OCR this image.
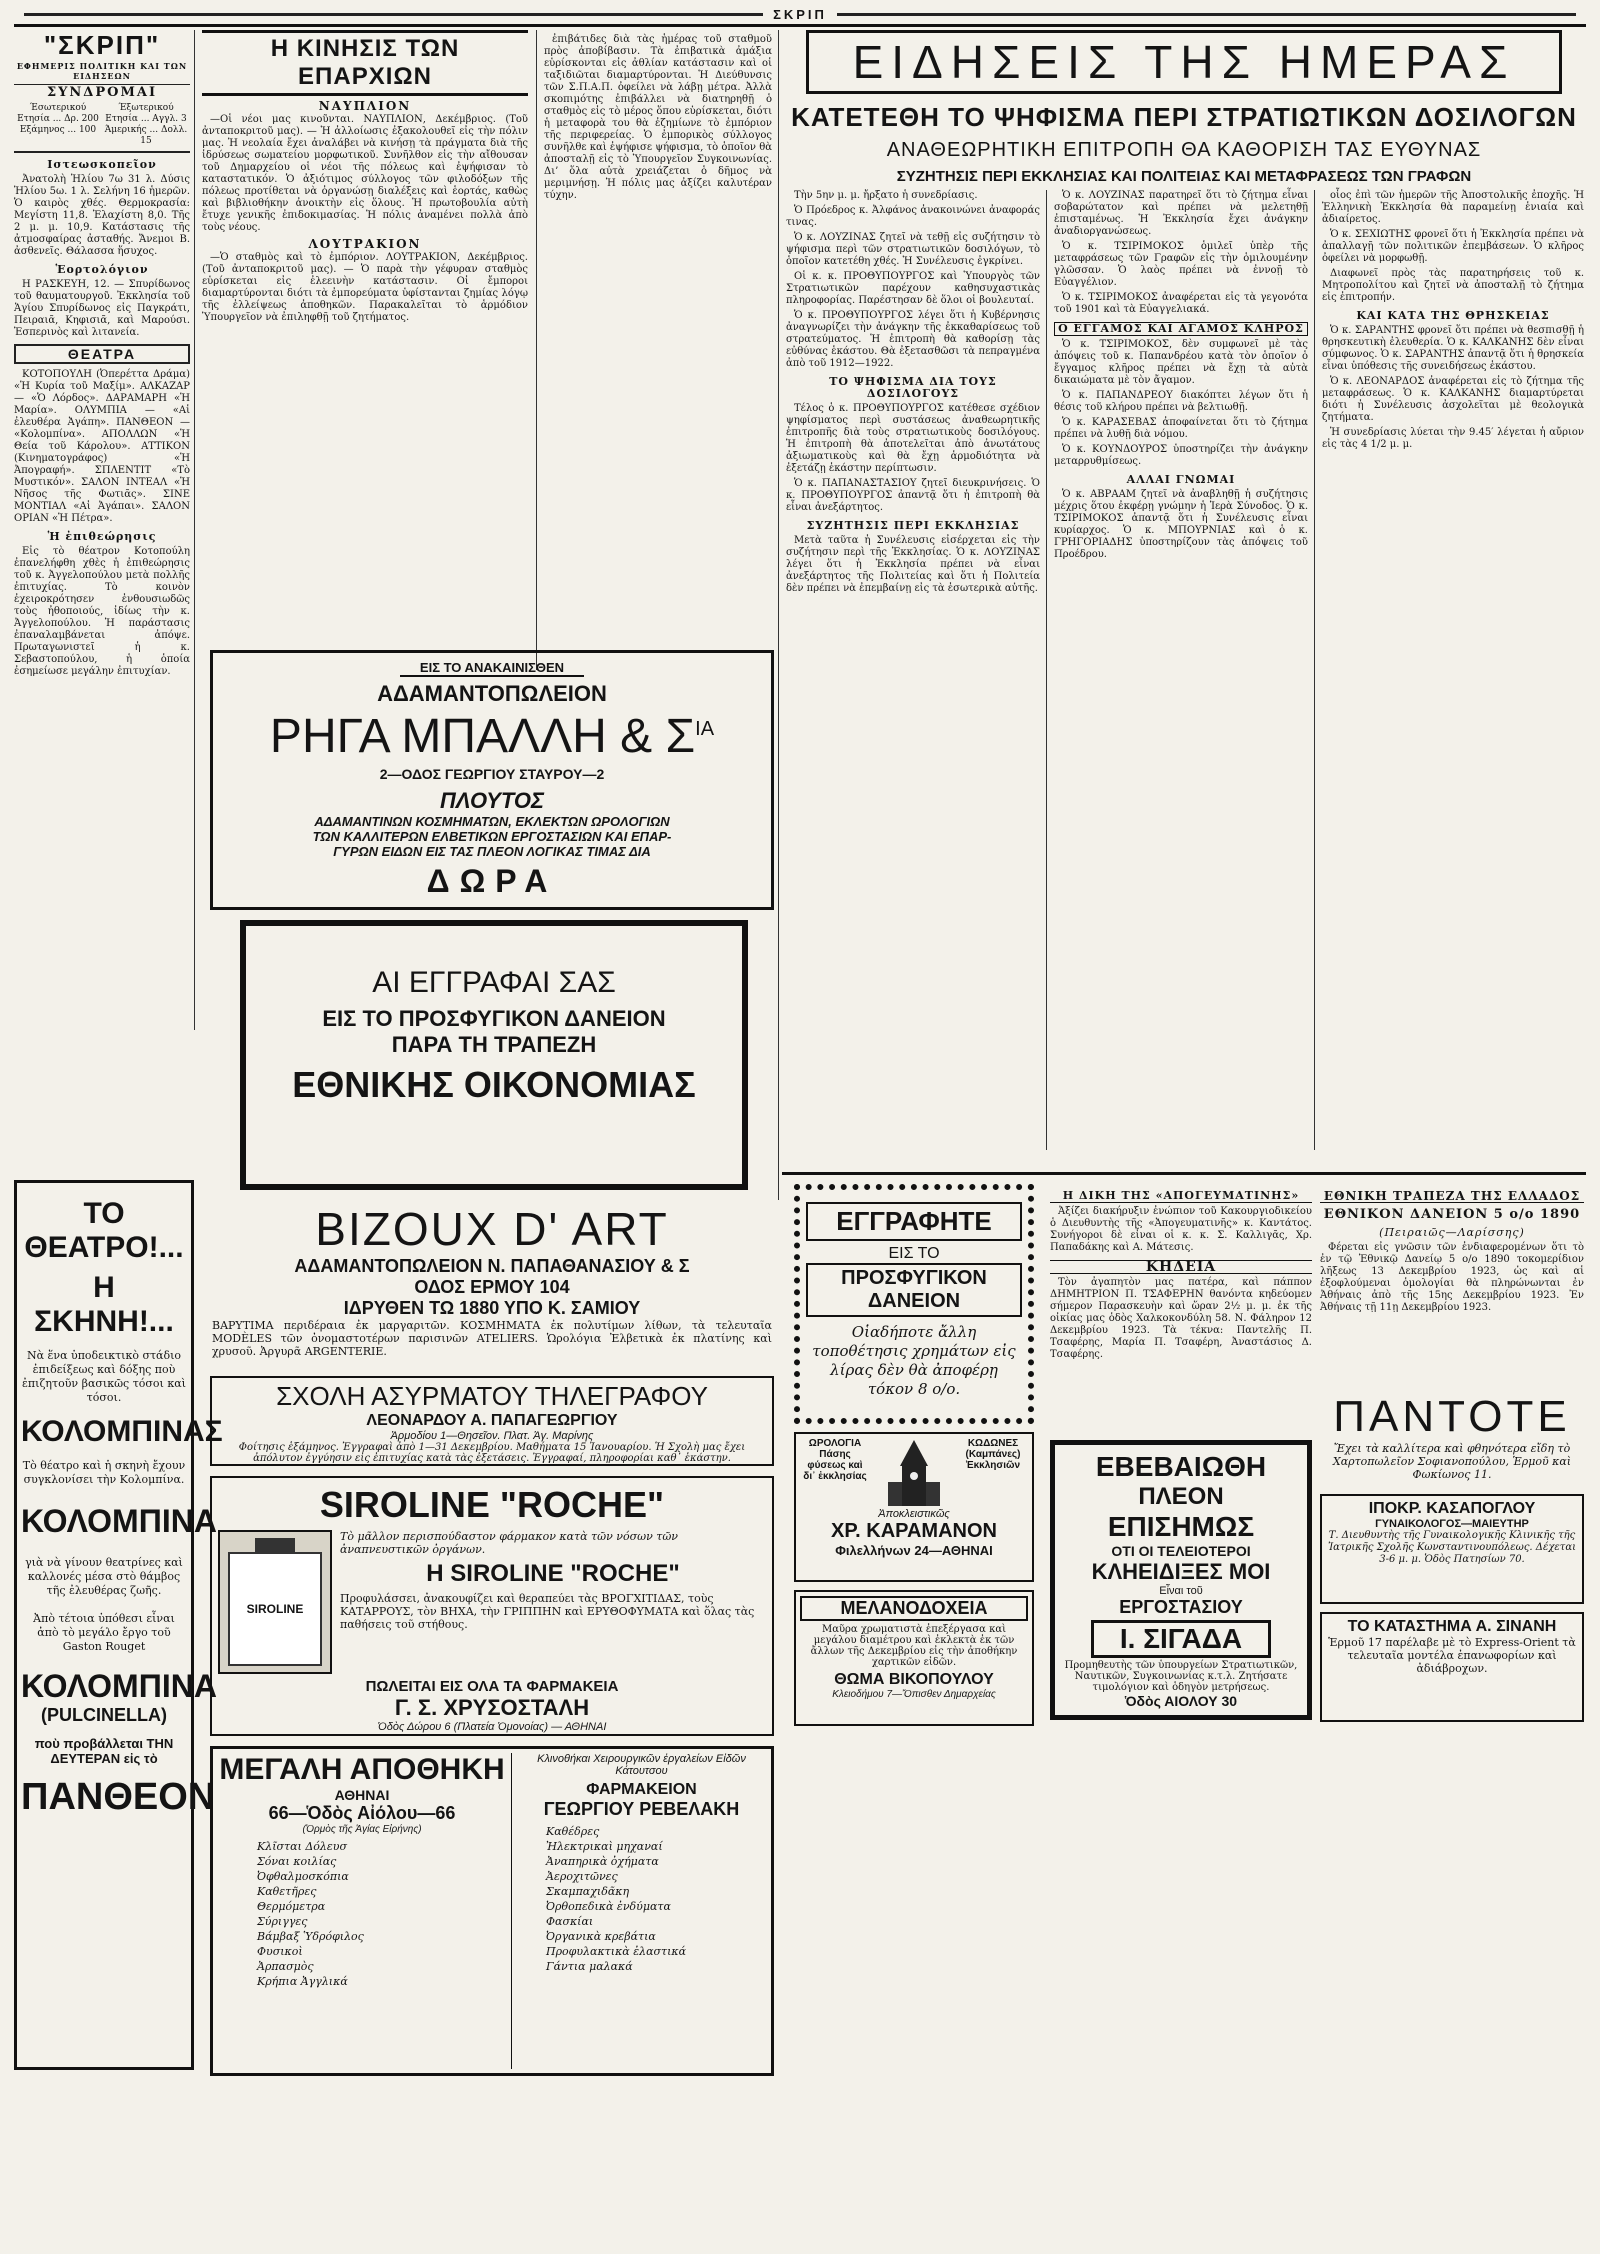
ΣΚΡΙΠ
"ΣΚΡΙΠ"
ΕΦΗΜΕΡΙΣ ΠΟΛΙΤΙΚΗ ΚΑΙ ΤΩΝ ΕΙΔΗΣΕΩΝ
ΣΥΝΔΡΟΜΑΙ
Έσωτερικού
Ετησία ... Δρ. 200
Εξάμηνος ... 100
Έξωτερικού
Ετησία ... Αγγλ. 3
Άμερικής ... Δολλ. 15
Ιστεωσκοπεῖον

Ἀνατολὴ Ἡλίου 7ω 31 λ. Δύσις Ἡλίου 5ω. 1 λ. Σελήνη 16 ἡμερῶν. Ὁ καιρὸς χθές. Θερμοκρασία: Μεγίστη 11,8. Ἐλαχίστη 8,0. Τῆς 2 μ. μ. 10,9. Κατάστασις τῆς ἀτμοσφαίρας ἀσταθής. Ἄνεμοι Β. ἀσθενεῖς. Θάλασσα ἥσυχος.

Ἑορτολόγιον

Η ΡΑΣΚΕΥΗ, 12. — Σπυρίδωνος τοῦ θαυματουργοῦ. Ἐκκλησία τοῦ Ἁγίου Σπυρίδωνος εἰς Παγκράτι, Πειραιᾶ, Κηφισιᾶ, καὶ Μαρούσι. Ἑσπερινὸς καὶ λιτανεία.

ΘΕΑΤΡΑ

ΚΟΤΟΠΟΥΛΗ (Ὀπερέττα Δράμα) «Ἡ Κυρία τοῦ Μαξίμ». ΑΛΚΑΖΑΡ — «Ὁ Λόρδος». ΔΑΡΑΜΑΡΗ «Ἡ Μαρία». ΟΛΥΜΠΙΑ — «Αἱ ἐλευθέρα Ἀγάπη». ΠΑΝΘΕΟΝ — «Κολομπίνα». ΑΠΟΛΛΩΝ «Ἡ Θεία τοῦ Κάρολου». ΑΤΤΙΚΟΝ (Κινηματογράφος) «Ἡ Ἀπογραφή». ΣΠΛΕΝΤΙΤ «Τὸ Μυστικόν». ΣΑΛΟΝ ΙΝΤΕΑΛ «Ἡ Νῆσος τῆς Φωτιᾶς». ΣΙΝΕ ΜΟΝΤΙΑΛ «Αἱ Ἀγάπαι». ΣΑΛΟΝ ΟΡΙΑΝ «Ἡ Πέτρα».

Ἡ ἐπιθεώρησις

Εἰς τὸ θέατρον Κοτοπούλη ἐπανελήφθη χθὲς ἡ ἐπιθεώρησις τοῦ κ. Ἀγγελοπούλου μετὰ πολλῆς ἐπιτυχίας. Τὸ κοινὸν ἐχειροκρότησεν ἐνθουσιωδῶς τοὺς ἠθοποιούς, ἰδίως τὴν κ. Ἀγγελοπούλου. Ἡ παράστασις ἐπαναλαμβάνεται ἀπόψε. Πρωταγωνιστεῖ ἡ κ. Σεβαστοπούλου, ἡ ὁποία ἐσημείωσε μεγάλην ἐπιτυχίαν.

ΤΟ ΘΕΑΤΡΟ!...
Η ΣΚΗΝΗ!...
Νὰ ἕνα ὑποδεικτικὸ στάδιο ἐπιδείξεως καὶ δόξης ποὺ ἐπιζητοῦν βασικῶς τόσοι καὶ τόσοι.
ΚΟΛΟΜΠΙΝΑΣ
Τὸ θέατρο καὶ ἡ σκηνὴ ἔχουν συγκλονίσει τὴν Κολομπίνα.
ΚΟΛΟΜΠΙΝΑ
γιὰ νὰ γίνουν θεατρίνες καὶ καλλονές μέσα στὸ θάμβος τῆς ἐλευθέρας ζωῆς.
Ἀπὸ τέτοια ὑπόθεσι εἶναι ἀπὸ τὸ μεγάλο ἔργο τοῦ Gaston Rouget
ΚΟΛΟΜΠΙΝΑ
(PULCINELLA)
ποὺ προβάλλεται ΤΗΝ ΔΕΥΤΕΡΑΝ εἰς τὸ
ΠΑΝΘΕΟΝ
Η ΚΙΝΗΣΙΣ ΤΩΝ ΕΠΑΡΧΙΩΝ
ΝΑΥΠΛΙΟΝ

—Οἱ νέοι μας κινοῦνται. ΝΑΥΠΛΙΟΝ, Δεκέμβριος. (Τοῦ ἀνταποκριτοῦ μας). — Ἡ ἀλλοίωσις ἐξακολουθεῖ εἰς τὴν πόλιν μας. Ἡ νεολαία ἔχει ἀναλάβει νὰ κινήσῃ τὰ πράγματα διὰ τῆς ἱδρύσεως σωματείου μορφωτικοῦ. Συνῆλθον εἰς τὴν αἴθουσαν τοῦ Δημαρχείου οἱ νέοι τῆς πόλεως καὶ ἐψήφισαν τὸ καταστατικόν. Ὁ ἀξιότιμος σύλλογος τῶν φιλοδόξων τῆς πόλεως προτίθεται νὰ ὀργανώσῃ διαλέξεις καὶ ἑορτάς, καθὼς καὶ βιβλιοθήκην ἀνοικτὴν εἰς ὅλους. Ἡ πρωτοβουλία αὐτὴ ἔτυχε γενικῆς ἐπιδοκιμασίας. Ἡ πόλις ἀναμένει πολλὰ ἀπὸ τοὺς νέους.

ΛΟΥΤΡΑΚΙΟΝ

—Ὁ σταθμὸς καὶ τὸ ἐμπόριον. ΛΟΥΤΡΑΚΙΟΝ, Δεκέμβριος. (Τοῦ ἀνταποκριτοῦ μας). — Ὁ παρὰ τὴν γέφυραν σταθμὸς εὑρίσκεται εἰς ἐλεεινὴν κατάστασιν. Οἱ ἔμποροι διαμαρτύρονται διότι τὰ ἐμπορεύματα ὑφίστανται ζημίας λόγῳ τῆς ἐλλείψεως ἀποθηκῶν. Παρακαλεῖται τὸ ἁρμόδιον Ὑπουργεῖον νὰ ἐπιληφθῇ τοῦ ζητήματος.

ἐπιβάτιδες διὰ τὰς ἡμέρας τοῦ σταθμοῦ πρὸς ἀποβίβασιν. Τὰ ἐπιβατικὰ ἀμάξια εὑρίσκονται εἰς ἀθλίαν κατάστασιν καὶ οἱ ταξιδιῶται διαμαρτύρονται. Ἡ Διεύθυνσις τῶν Σ.Π.Α.Π. ὀφείλει νὰ λάβῃ μέτρα. Ἀλλὰ σκοπιμότης ἐπιβάλλει νὰ διατηρηθῇ ὁ σταθμὸς εἰς τὸ μέρος ὅπου εὑρίσκεται, διότι ἡ μεταφορὰ του θὰ ἐζημίωνε τὸ ἐμπόριον τῆς περιφερείας. Ὁ ἐμπορικὸς σύλλογος συνῆλθε καὶ ἐψήφισε ψήφισμα, τὸ ὁποῖον θὰ ἀποσταλῇ εἰς τὸ Ὑπουργεῖον Συγκοινωνίας. Δι’ ὅλα αὐτὰ χρειάζεται ὁ δῆμος νὰ μεριμνήσῃ. Ἡ πόλις μας ἀξίζει καλυτέραν τύχην.

ΕΙΣ ΤΟ ΑΝΑΚΑΙΝΙΣΘΕΝ
ΑΔΑΜΑΝΤΟΠΩΛΕΙΟΝ
ΡΗΓΑ ΜΠΑΛΛΗ & $\Sigma^{IA}$
2—ΟΔΟΣ ΓΕΩΡΓΙΟΥ ΣΤΑΥΡΟΥ—2
ΠΛΟΥΤΟΣ
ΑΔΑΜΑΝΤΙΝΩΝ ΚΟΣΜΗΜΑΤΩΝ, ΕΚΛΕΚΤΩΝ ΩΡΟΛΟΓΙΩΝ
ΤΩΝ ΚΑΛΛΙΤΕΡΩΝ ΕΛΒΕΤΙΚΩΝ ΕΡΓΟΣΤΑΣΙΩΝ ΚΑΙ ΕΠΑΡ-
ΓΥΡΩΝ ΕΙΔΩΝ ΕΙΣ ΤΑΣ ΠΛΕΟΝ ΛΟΓΙΚΑΣ ΤΙΜΑΣ ΔΙΑ
ΔΩΡΑ
ΑΙ ΕΓΓΡΑΦΑΙ ΣΑΣ
ΕΙΣ ΤΟ ΠΡΟΣΦΥΓΙΚΟΝ ΔΑΝΕΙΟΝ
ΠΑΡΑ ΤΗ ΤΡΑΠΕΖΗ
ΕΘΝΙΚΗΣ ΟΙΚΟΝΟΜΙΑΣ
BIZOUX D' ART
ΑΔΑΜΑΝΤΟΠΩΛΕΙΟΝ Ν. ΠΑΠΑΘΑΝΑΣΙΟΥ & Σ
ΟΔΟΣ ΕΡΜΟΥ 104
ΙΔΡΥΘΕΝ ΤΩ 1880 ΥΠΟ Κ. ΣΑΜΙΟΥ
ΒΑΡΥΤΙΜΑ περιδέραια ἐκ μαργαριτῶν. ΚΟΣΜΗΜΑΤΑ ἐκ πολυτίμων λίθων, τὰ τελευταῖα ΜΟDÈLES τῶν ὀνομαστοτέρων παρισινῶν ATELIERS. Ὡρολόγια Ἐλβετικὰ ἐκ πλατίνης καὶ χρυσοῦ. Ἀργυρᾶ ARGENTERIE.
ΣΧΟΛΗ ΑΣΥΡΜΑΤΟΥ ΤΗΛΕΓΡΑΦΟΥ
ΛΕΟΝΑΡΔΟΥ Α. ΠΑΠΑΓΕΩΡΓΙΟΥ
Ἀρμοδίου 1—Θησεῖον. Πλατ. Ἁγ. Μαρίνης
Φοίτησις ἑξάμηνος. Ἐγγραφαὶ ἀπὸ 1—31 Δεκεμβρίου. Μαθήματα 15 Ἰανουαρίου. Ἡ Σχολὴ μας ἔχει ἀπόλυτον ἐγγύησιν εἰς ἐπιτυχίας κατὰ τὰς ἐξετάσεις. Ἐγγραφαί, πληροφορίαι καθ᾿ ἑκάστην.
SIROLINE "ROCHE"
SIROLINE
Τὸ μᾶλλον περισπούδαστον φάρμακον κατὰ τῶν νόσων τῶν ἀναπνευστικῶν ὀργάνων.
Η SIROLINE "ROCHE"
Προφυλάσσει, ἀνακουφίζει καὶ θεραπεύει τὰς ΒΡΟΓΧΙΤΙΔΑΣ, τοὺς ΚΑΤΑΡΡΟΥΣ, τὸν ΒΗΧΑ, τὴν ΓΡΙΠΠΗΝ καὶ ΕΡΥΘΟΦΥΜΑΤΑ καὶ ὅλας τὰς παθήσεις τοῦ στήθους.
ΠΩΛΕΙΤΑΙ ΕΙΣ ΟΛΑ ΤΑ ΦΑΡΜΑΚΕΙΑ
Γ. Σ. ΧΡΥΣΟΣΤΑΛΗ
Ὁδὸς Δώρου 6 (Πλατεία Ὁμονοίας) — ΑΘΗΝΑΙ
ΜΕΓΑΛΗ ΑΠΟΘΗΚΗ
ΑΘΗΝΑΙ
66—Ὁδὸς Αἰόλου—66
(Ὁρμὸς τῆς Ἁγίας Εἰρήνης)
Κλῖσται Δόλευσ
Σόναι κοιλίας
Ὀφθαλμοσκόπια
Καθετῆρες
Θερμόμετρα
Σύριγγες
Βάμβαξ Ὑδρόφιλος
Φυσικοὶ
Ἀρπασμὸς
Κρήπια Ἀγγλικά
Κλινοθήκαι Χειρουργικῶν ἐργαλείων Εἰδῶν Κάτουτσου
ΦΑΡΜΑΚΕΙΟΝ
ΓΕΩΡΓΙΟΥ ΡΕΒΕΛΑΚΗ
Καθέδρες
Ἠλεκτρικαὶ μηχαναί
Ἀναπηρικὰ ὀχήματα
Ἀεροχιτῶνες
Σκαμπαχιδᾶκη
Ὀρθοπεδικὰ ἐνδύματα
Φασκίαι
Ὀργανικὰ κρεβάτια
Προφυλακτικὰ ἐλαστικά
Γάντια μαλακά
ΕΙΔΗΣΕΙΣ ΤΗΣ ΗΜΕΡΑΣ
ΚΑΤΕΤΕΘΗ ΤΟ ΨΗΦΙΣΜΑ ΠΕΡΙ ΣΤΡΑΤΙΩΤΙΚΩΝ ΔΟΣΙΛΟΓΩΝ
ΑΝΑΘΕΩΡΗΤΙΚΗ ΕΠΙΤΡΟΠΗ ΘΑ ΚΑΘΟΡΙΣΗ ΤΑΣ ΕΥΘΥΝΑΣ
ΣΥΖΗΤΗΣΙΣ ΠΕΡΙ ΕΚΚΛΗΣΙΑΣ ΚΑΙ ΠΟΛΙΤΕΙΑΣ ΚΑΙ ΜΕΤΑΦΡΑΣΕΩΣ ΤΩΝ ΓΡΑΦΩΝ

Τὴν 5ην μ. μ. ἤρξατο ἡ συνεδρίασις.

Ὁ Πρόεδρος κ. Ἀλφάνος ἀνακοινώνει ἀναφοράς τινας.

Ὁ κ. ΛΟΥΖΙΝΑΣ ζητεῖ νὰ τεθῇ εἰς συζήτησιν τὸ ψήφισμα περὶ τῶν στρατιωτικῶν δοσιλόγων, τὸ ὁποῖον κατετέθη χθές. Ἡ Συνέλευσις ἐγκρίνει.

Οἱ κ. κ. ΠΡΟΘΥΠΟΥΡΓΟΣ καὶ Ὑπουργὸς τῶν Στρατιωτικῶν παρέχουν καθησυχαστικὰς πληροφορίας. Παρέστησαν δὲ ὅλοι οἱ βουλευταί.

Ὁ κ. ΠΡΟΘΥΠΟΥΡΓΟΣ λέγει ὅτι ἡ Κυβέρνησις ἀναγνωρίζει τὴν ἀνάγκην τῆς ἐκκαθαρίσεως τοῦ στρατεύματος. Ἡ ἐπιτροπὴ θὰ καθορίσῃ τὰς εὐθύνας ἑκάστου. Θὰ ἐξετασθῶσι τὰ πεπραγμένα ἀπὸ τοῦ 1912—1922.

ΤΟ ΨΗΦΙΣΜΑ ΔΙΑ ΤΟΥΣ ΔΟΣΙΛΟΓΟΥΣ

Τέλος ὁ κ. ΠΡΟΘΥΠΟΥΡΓΟΣ κατέθεσε σχέδιον ψηφίσματος περὶ συστάσεως ἀναθεωρητικῆς ἐπιτροπῆς διὰ τοὺς στρατιωτικοὺς δοσιλόγους. Ἡ ἐπιτροπὴ θὰ ἀποτελεῖται ἀπὸ ἀνωτάτους ἀξιωματικοὺς καὶ θὰ ἔχῃ ἁρμοδιότητα νὰ ἐξετάζῃ ἑκάστην περίπτωσιν.

Ὁ κ. ΠΑΠΑΝΑΣΤΑΣΙΟΥ ζητεῖ διευκρινήσεις. Ὁ κ. ΠΡΟΘΥΠΟΥΡΓΟΣ ἀπαντᾷ ὅτι ἡ ἐπιτροπὴ θὰ εἶναι ἀνεξάρτητος.

ΣΥΖΗΤΗΣΙΣ ΠΕΡΙ ΕΚΚΛΗΣΙΑΣ

Μετὰ ταῦτα ἡ Συνέλευσις εἰσέρχεται εἰς τὴν συζήτησιν περὶ τῆς Ἐκκλησίας. Ὁ κ. ΛΟΥΖΙΝΑΣ λέγει ὅτι ἡ Ἐκκλησία πρέπει νὰ εἶναι ἀνεξάρτητος τῆς Πολιτείας καὶ ὅτι ἡ Πολιτεία δὲν πρέπει νὰ ἐπεμβαίνῃ εἰς τὰ ἐσωτερικὰ αὐτῆς.

Ὁ κ. ΛΟΥΖΙΝΑΣ παρατηρεῖ ὅτι τὸ ζήτημα εἶναι σοβαρώτατον καὶ πρέπει νὰ μελετηθῇ ἐπισταμένως. Ἡ Ἐκκλησία ἔχει ἀνάγκην ἀναδιοργανώσεως.

Ὁ κ. ΤΣΙΡΙΜΟΚΟΣ ὁμιλεῖ ὑπὲρ τῆς μεταφράσεως τῶν Γραφῶν εἰς τὴν ὁμιλουμένην γλῶσσαν. Ὁ λαὸς πρέπει νὰ ἐννοῇ τὸ Εὐαγγέλιον.

Ὁ κ. ΤΣΙΡΙΜΟΚΟΣ ἀναφέρεται εἰς τὰ γεγονότα τοῦ 1901 καὶ τὰ Εὐαγγελιακά.

Ο ΕΓΓΑΜΟΣ ΚΑΙ ΑΓΑΜΟΣ ΚΛΗΡΟΣ

Ὁ κ. ΤΣΙΡΙΜΟΚΟΣ, δὲν συμφωνεῖ μὲ τὰς ἀπόψεις τοῦ κ. Παπανδρέου κατὰ τὸν ὁποῖον ὁ ἔγγαμος κλῆρος πρέπει νὰ ἔχῃ τὰ αὐτὰ δικαιώματα μὲ τὸν ἄγαμον.

Ὁ κ. ΠΑΠΑΝΔΡΕΟΥ διακόπτει λέγων ὅτι ἡ θέσις τοῦ κλήρου πρέπει νὰ βελτιωθῇ.

Ὁ κ. ΚΑΡΑΣΕΒΑΣ ἀποφαίνεται ὅτι τὸ ζήτημα πρέπει νὰ λυθῇ διὰ νόμου.

Ὁ κ. ΚΟΥΝΔΟΥΡΟΣ ὑποστηρίζει τὴν ἀνάγκην μεταρρυθμίσεως.

ΑΛΛΑΙ ΓΝΩΜΑΙ

Ὁ κ. ΑΒΡΑΑΜ ζητεῖ νὰ ἀναβληθῇ ἡ συζήτησις μέχρις ὅτου ἐκφέρῃ γνώμην ἡ Ἱερὰ Σύνοδος. Ὁ κ. ΤΣΙΡΙΜΟΚΟΣ ἀπαντᾷ ὅτι ἡ Συνέλευσις εἶναι κυρίαρχος. Ὁ κ. ΜΠΟΥΡΝΙΑΣ καὶ ὁ κ. ΓΡΗΓΟΡΙΑΔΗΣ ὑποστηρίζουν τὰς ἀπόψεις τοῦ Προέδρου.

οἷος ἐπὶ τῶν ἡμερῶν τῆς Ἀποστολικῆς ἐποχῆς. Ἡ Ἑλληνικὴ Ἐκκλησία θὰ παραμείνῃ ἑνιαία καὶ ἀδιαίρετος.

Ὁ κ. ΣΕΧΙΩΤΗΣ φρονεῖ ὅτι ἡ Ἐκκλησία πρέπει νὰ ἀπαλλαγῇ τῶν πολιτικῶν ἐπεμβάσεων. Ὁ κλῆρος ὀφείλει νὰ μορφωθῇ.

Διαφωνεῖ πρὸς τὰς παρατηρήσεις τοῦ κ. Μητροπολίτου καὶ ζητεῖ νὰ ἀποσταλῇ τὸ ζήτημα εἰς ἐπιτροπήν.

ΚΑΙ ΚΑΤΑ ΤΗΣ ΘΡΗΣΚΕΙΑΣ

Ὁ κ. ΣΑΡΑΝΤΗΣ φρονεῖ ὅτι πρέπει νὰ θεσπισθῇ ἡ θρησκευτικὴ ἐλευθερία. Ὁ κ. ΚΑΛΚΑΝΗΣ δὲν εἶναι σύμφωνος. Ὁ κ. ΣΑΡΑΝΤΗΣ ἀπαντᾷ ὅτι ἡ θρησκεία εἶναι ὑπόθεσις τῆς συνειδήσεως ἑκάστου.

Ὁ κ. ΛΕΟΝΑΡΔΟΣ ἀναφέρεται εἰς τὸ ζήτημα τῆς μεταφράσεως. Ὁ κ. ΚΑΛΚΑΝΗΣ διαμαρτύρεται διότι ἡ Συνέλευσις ἀσχολεῖται μὲ θεολογικὰ ζητήματα.

Ἡ συνεδρίασις λύεται τὴν 9.45′ λέγεται ἡ αὔριον εἰς τὰς 4 1/2 μ. μ.

ΕΓΓΡΑΦΗΤΕ
ΕΙΣ ΤΟ
ΠΡΟΣΦΥΓΙΚΟΝ ΔΑΝΕΙΟΝ
Οἱαδήποτε ἄλλη τοποθέτησις χρημάτων εἰς λίρας δὲν θὰ ἀποφέρῃ τόκον 8 ο/ο.
ΩΡΟΛΟΓΙΑ Πάσης φύσεως καὶ δι᾽ ἐκκλησίας
ΚΩΔΩΝΕΣ (Καμπάνες) Ἐκκλησιῶν
Ἀποκλειστικῶς
ΧΡ. ΚΑΡΑΜΑΝΟΝ
Φιλελλήνων 24—ΑΘΗΝΑΙ
ΜΕΛΑΝΟΔΟΧΕΙΑ
Μαῦρα χρωματιστὰ ἐπεξέργασα καὶ μεγάλου διαμέτρου καὶ ἐκλεκτὰ ἐκ τῶν ἄλλων τῆς Δεκεμβρίου εἰς τὴν ἀποθήκην χαρτικῶν εἰδῶν.
ΘΩΜΑ ΒΙΚΟΠΟΥΛΟΥ
Κλειοδήμου 7—Ὄπισθεν Δημαρχείας
Η ΔΙΚΗ ΤΗΣ «ΑΠΟΓΕΥΜΑΤΙΝΗΣ»

Ἀξίζει διακήρυξιν ἐνώπιον τοῦ Κακουργιοδικείου ὁ Διευθυντὴς τῆς «Ἀπογευματινῆς» κ. Καντάτος. Συνήγοροι δὲ εἶναι οἱ κ. κ. Σ. Καλλιγᾶς, Χρ. Παπαδάκης καὶ Α. Μάτεσις.

ΚΗΔΕΙΑ

Τὸν ἀγαπητὸν μας πατέρα, καὶ πάππον ΔΗΜΗΤΡΙΟΝ Π. ΤΣΑΦΕΡΗΝ θανόντα κηδεύομεν σήμερον Παρασκευὴν καὶ ὥραν 2½ μ. μ. ἐκ τῆς οἰκίας μας ὁδὸς Χαλκοκονδύλη 58. Ν. Φάληρον 12 Δεκεμβρίου 1923. Τὰ τέκνα: Παντελῆς Π. Τσαφέρης, Μαρία Π. Τσαφέρη, Ἀναστάσιος Δ. Τσαφέρης.

ΕΒΕΒΑΙΩΘΗ
ΠΛΕΟΝ
ΕΠΙΣΗΜΩΣ
ΟΤΙ ΟΙ ΤΕΛΕΙΟΤΕΡΟΙ
ΚΛΗΕΙΔΙΞΕΣ ΜΟΙ
Εἶναι τοῦ
ΕΡΓΟΣΤΑΣΙΟΥ
Ι. ΣΙΓΑΔΑ
Προμηθευτὴς τῶν ὑπουργείων Στρατιωτικῶν, Ναυτικῶν, Συγκοινωνίας κ.τ.λ. Ζητήσατε τιμολόγιον καὶ ὁδηγὸν μετρήσεως.
Ὁδὸς ΑΙΟΛΟΥ 30
ΕΘΝΙΚΗ ΤΡΑΠΕΖΑ ΤΗΣ ΕΛΛΑΔΟΣ
ΕΘΝΙΚΟΝ ΔΑΝΕΙΟΝ 5 ο/ο 1890
(Πειραιῶς—Λαρίσσης)

Φέρεται εἰς γνῶσιν τῶν ἐνδιαφερομένων ὅτι τὸ ἐν τῷ Ἐθνικῷ Δανείῳ 5 ο/ο 1890 τοκομερίδιον λῆξεως 13 Δεκεμβρίου 1923, ὡς καὶ αἱ ἐξοφλούμεναι ὁμολογίαι θὰ πληρώνωνται ἐν Ἀθήναις ἀπὸ τῆς 15ης Δεκεμβρίου 1923. Ἐν Ἀθήναις τῇ 11ῃ Δεκεμβρίου 1923.

ΠΑΝΤΟΤΕ
Ἔχει τὰ καλλίτερα καὶ φθηνότερα εἴδη τὸ Χαρτοπωλεῖον Σοφιανοπούλου, Ἑρμοῦ καὶ Φωκίωνος 11.
ΙΠΟΚΡ. ΚΑΣΑΠΟΓΛΟΥ
ΓΥΝΑΙΚΟΛΟΓΟΣ—ΜΑΙΕΥΤΗΡ
Τ. Διευθυντὴς τῆς Γυναικολογικῆς Κλινικῆς τῆς Ἰατρικῆς Σχολῆς Κωνσταντινουπόλεως. Δέχεται 3-6 μ. μ. Ὁδὸς Πατησίων 70.
ΤΟ ΚΑΤΑΣΤΗΜΑ Α. ΣΙΝΑΝΗ
Ἑρμοῦ 17 παρέλαβε μὲ τὸ Express-Orient τὰ τελευταῖα μοντέλα ἐπανωφορίων καὶ ἀδιάβροχων.
